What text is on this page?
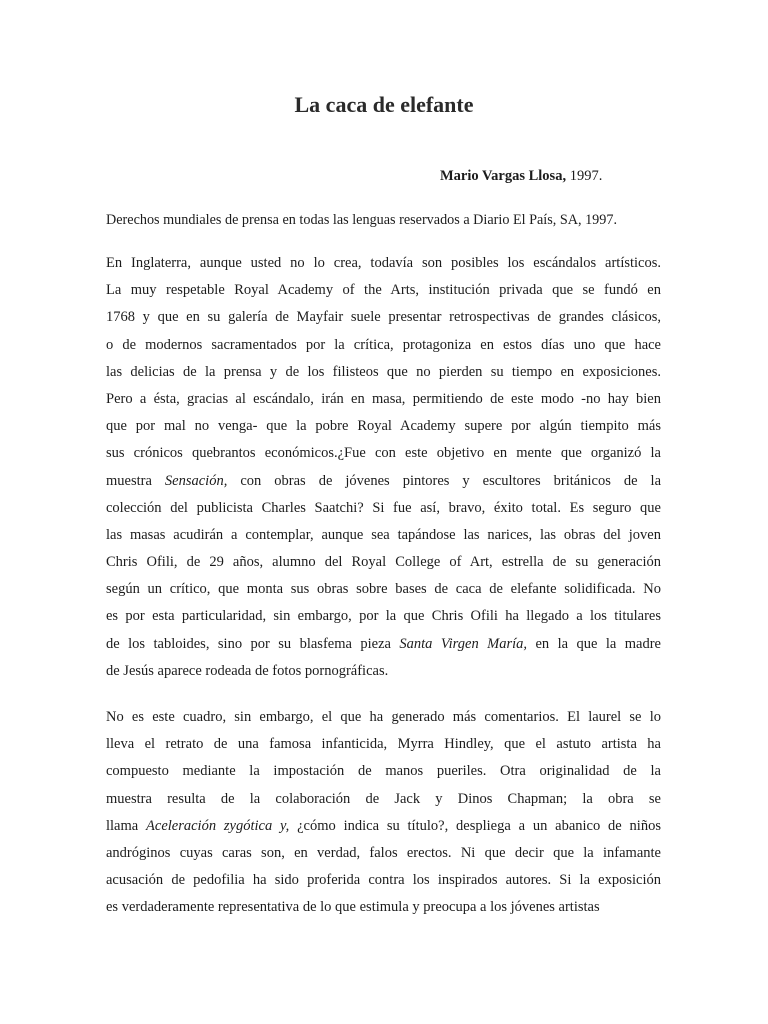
La caca de elefante
Mario Vargas Llosa, 1997.
Derechos mundiales de prensa en todas las lenguas reservados a Diario El País, SA, 1997.
En Inglaterra, aunque usted no lo crea, todavía son posibles los escándalos artísticos.
La muy respetable Royal Academy of the Arts, institución privada que se fundó en
1768 y que en su galería de Mayfair suele presentar retrospectivas de grandes clásicos,
o de modernos sacramentados por la crítica, protagoniza en estos días uno que hace
las delicias de la prensa y de los filisteos que no pierden su tiempo en exposiciones.
Pero a ésta, gracias al escándalo, irán en masa, permitiendo de este modo -no hay bien
que por mal no venga- que la pobre Royal Academy supere por algún tiempito más
sus crónicos quebrantos económicos.¿Fue con este objetivo en mente que organizó la
muestra Sensación, con obras de jóvenes pintores y escultores británicos de la
colección del publicista Charles Saatchi? Si fue así, bravo, éxito total. Es seguro que
las masas acudirán a contemplar, aunque sea tapándose las narices, las obras del joven
Chris Ofili, de 29 años, alumno del Royal College of Art, estrella de su generación
según un crítico, que monta sus obras sobre bases de caca de elefante solidificada. No
es por esta particularidad, sin embargo, por la que Chris Ofili ha llegado a los titulares
de los tabloides, sino por su blasfema pieza Santa Virgen María, en la que la madre
de Jesús aparece rodeada de fotos pornográficas.
No es este cuadro, sin embargo, el que ha generado más comentarios. El laurel se lo
lleva el retrato de una famosa infanticida, Myrra Hindley, que el astuto artista ha
compuesto mediante la impostación de manos pueriles. Otra originalidad de la
muestra resulta de la colaboración de Jack y Dinos Chapman; la obra se
llama Aceleración zygótica y, ¿cómo indica su título?, despliega a un abanico de niños
andróginos cuyas caras son, en verdad, falos erectos. Ni que decir que la infamante
acusación de pedofilia ha sido proferida contra los inspirados autores. Si la exposición
es verdaderamente representativa de lo que estimula y preocupa a los jóvenes artistas
